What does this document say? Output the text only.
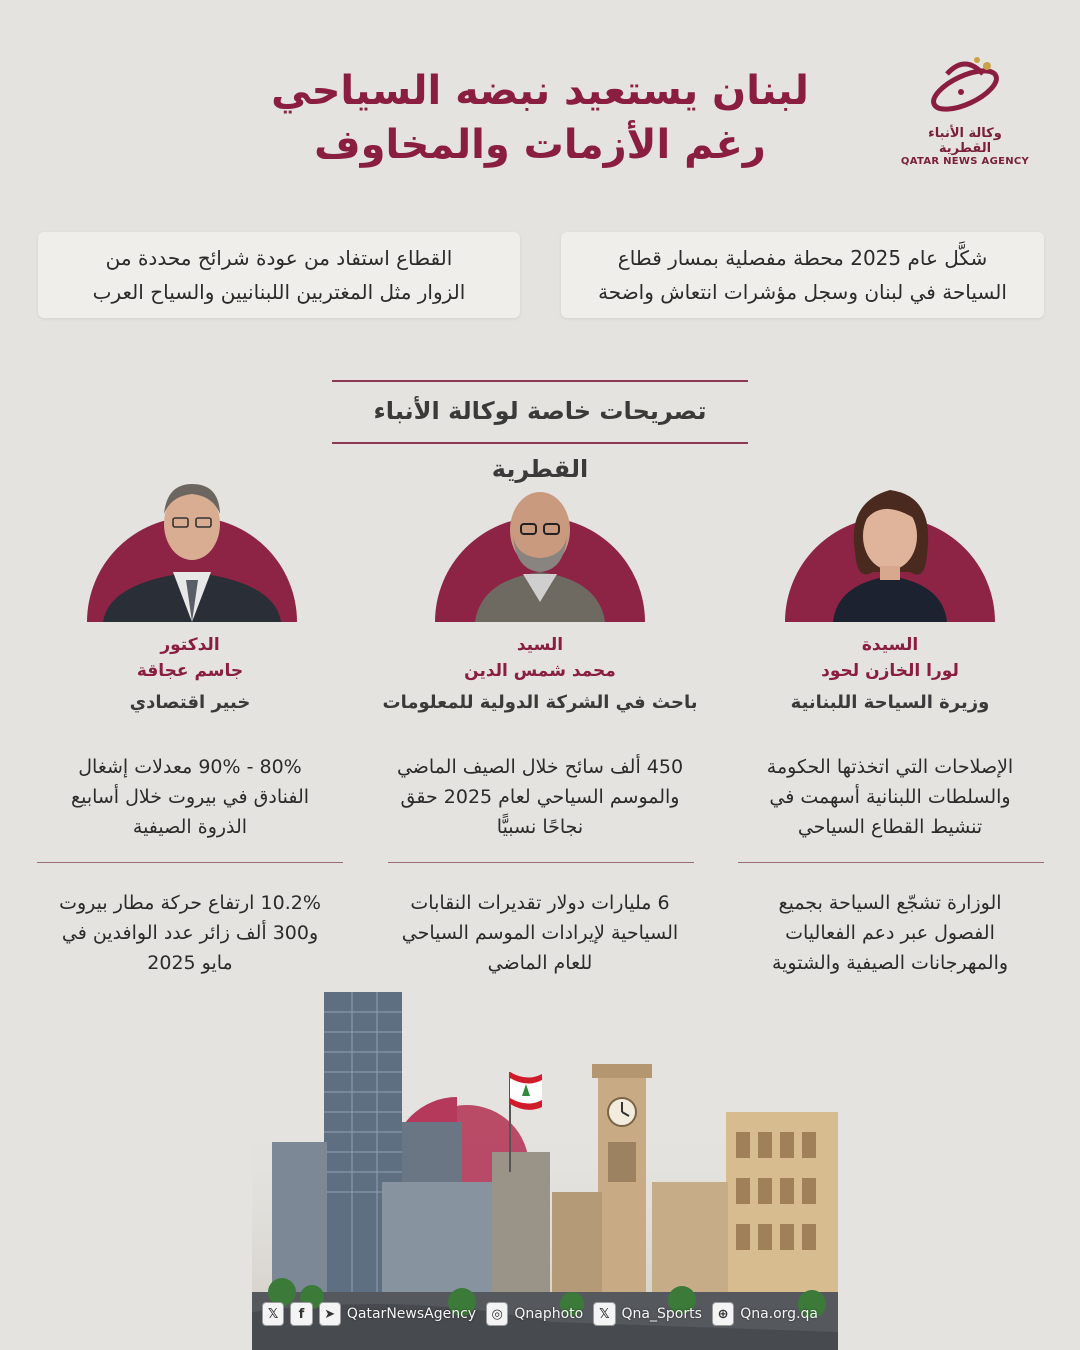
وكالة الأنباء القطرية
QATAR NEWS AGENCY
لبنان يستعيد نبضه السياحي
رغم الأزمات والمخاوف
شكَّل عام 2025 محطة مفصلية بمسار قطاع
السياحة في لبنان وسجل مؤشرات انتعاش واضحة
القطاع استفاد من عودة شرائح محددة من
الزوار مثل المغتربين اللبنانيين والسياح العرب
تصريحات خاصة لوكالة الأنباء القطرية
السيدة
لورا الخازن لحود
وزيرة السياحة اللبنانية
السيد
محمد شمس الدين
باحث في الشركة الدولية للمعلومات
الدكتور
جاسم عجاقة
خبير اقتصادي
الإصلاحات التي اتخذتها الحكومة
والسلطات اللبنانية أسهمت في
تنشيط القطاع السياحي
450 ألف سائح خلال الصيف الماضي
والموسم السياحي لعام 2025 حقق
نجاحًا نسبيًّا
80% - 90% معدلات إشغال
الفنادق في بيروت خلال أسابيع
الذروة الصيفية
الوزارة تشجّع السياحة بجميع
الفصول عبر دعم الفعاليات
والمهرجانات الصيفية والشتوية
6 مليارات دولار تقديرات النقابات
السياحية لإيرادات الموسم السياحي
للعام الماضي
10.2% ارتفاع حركة مطار بيروت
و300 ألف زائر عدد الوافدين في
مايو 2025
𝕏	f	➤ QatarNewsAgency	◎ Qnaphoto	𝕏 Qna_Sports	⊕ Qna.org.qa
